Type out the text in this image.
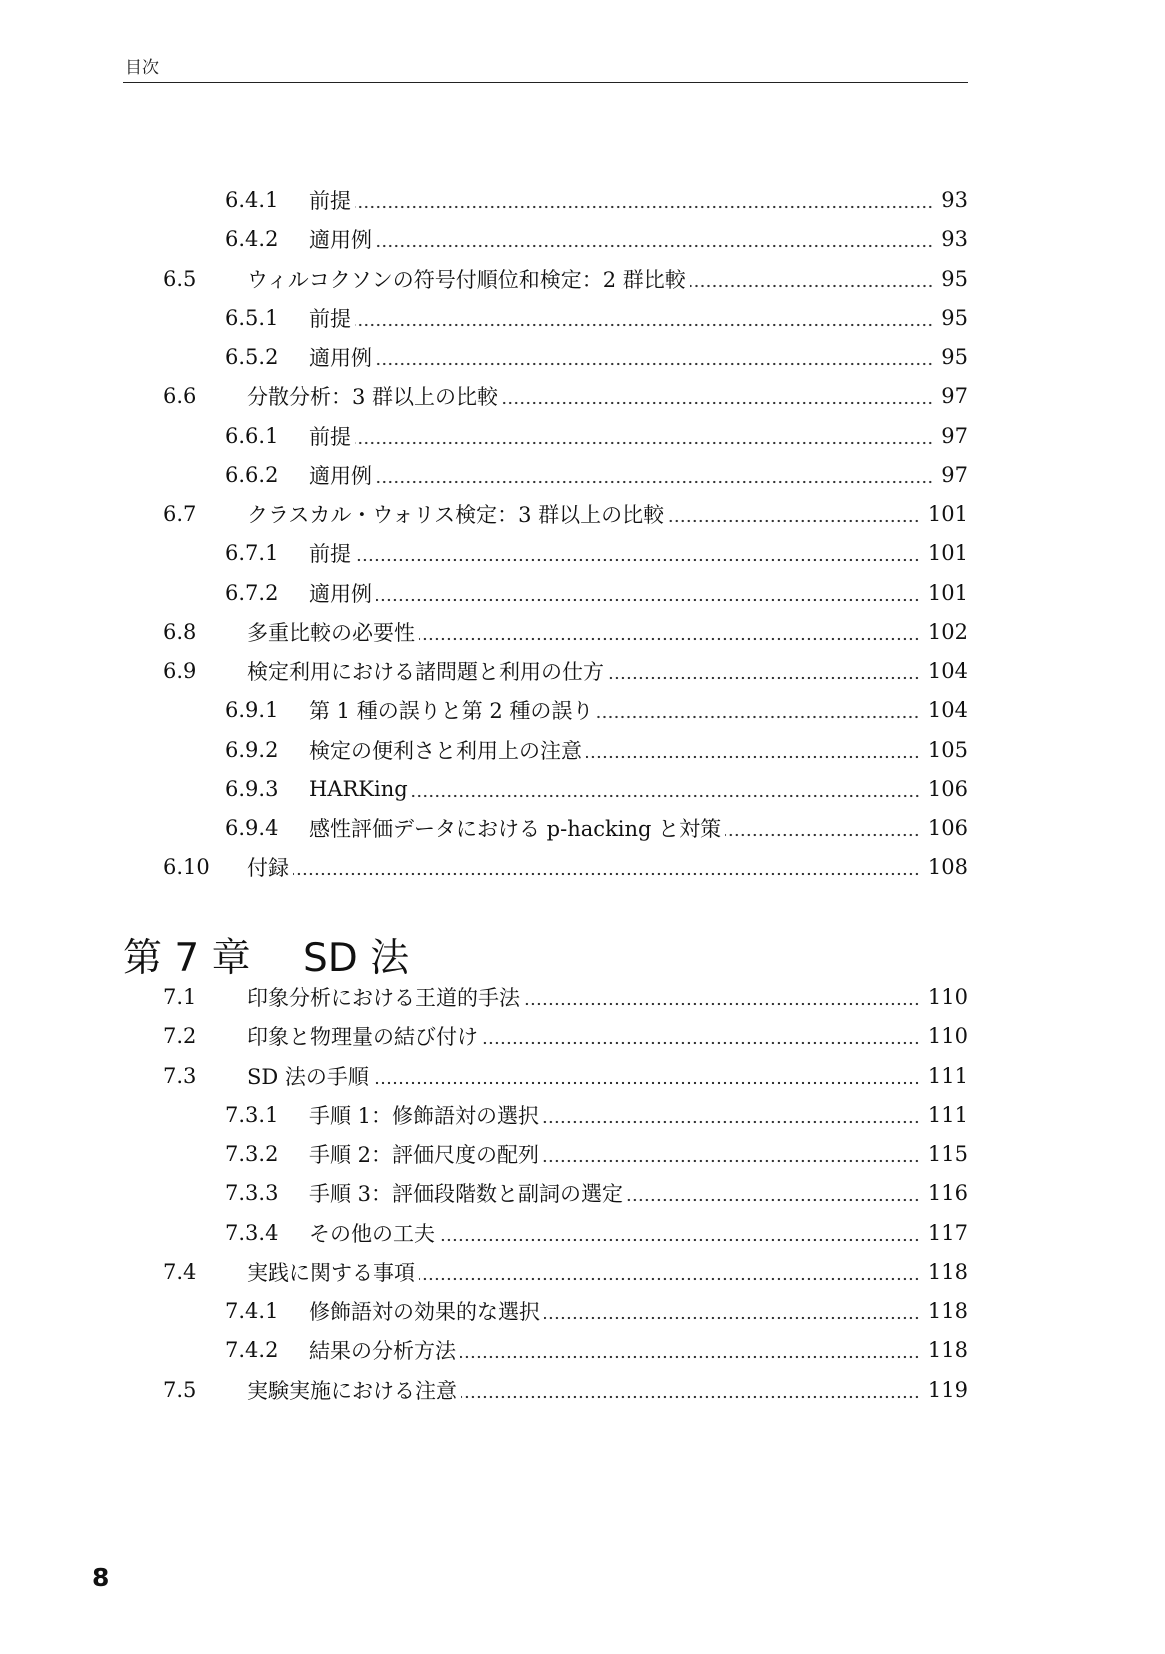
目次
6.4.1 前提	93
6.4.2 適用例	93
6.5 ウィルコクソンの符号付順位和検定：2 群比較	95
6.5.1 前提	95
6.5.2 適用例	95
6.6 分散分析：3 群以上の比較	97
6.6.1 前提	97
6.6.2 適用例	97
6.7 クラスカル・ウォリス検定：3 群以上の比較	101
6.7.1 前提	101
6.7.2 適用例	101
6.8 多重比較の必要性	102
6.9 検定利用における諸問題と利用の仕方	104
6.9.1 第 1 種の誤りと第 2 種の誤り	104
6.9.2 検定の便利さと利用上の注意	105
6.9.3 HARKing	106
6.9.4 感性評価データにおける p-hacking と対策	106
6.10 付録	108
第 7 章	SD 法
7.1 印象分析における王道的手法	110
7.2 印象と物理量の結び付け	110
7.3 SD 法の手順	111
7.3.1 手順 1：修飾語対の選択	111
7.3.2 手順 2：評価尺度の配列	115
7.3.3 手順 3：評価段階数と副詞の選定	116
7.3.4 その他の工夫	117
7.4 実践に関する事項	118
7.4.1 修飾語対の効果的な選択	118
7.4.2 結果の分析方法	118
7.5 実験実施における注意	119
8
